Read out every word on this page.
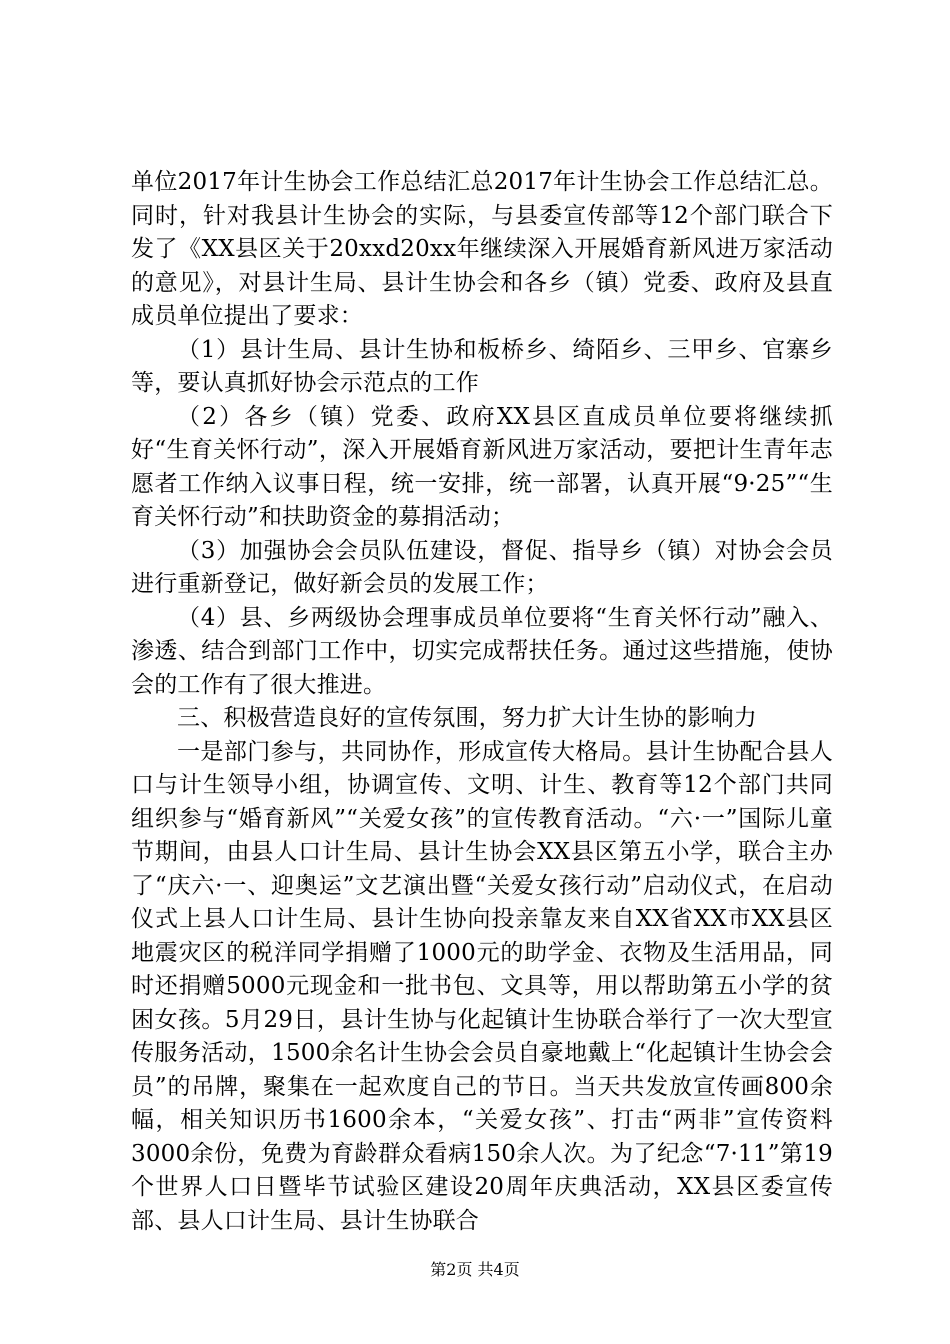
单位2017年计生协会工作总结汇总2017年计生协会工作总结汇总。同时，针对我县计生协会的实际，与县委宣传部等12个部门联合下发了《XX县区关于20xxd20xx年继续深入开展婚育新风进万家活动的意见》，对县计生局、县计生协会和各乡（镇）党委、政府及县直成员单位提出了要求：

（1）县计生局、县计生协和板桥乡、绮陌乡、三甲乡、官寨乡等，要认真抓好协会示范点的工作

（2）各乡（镇）党委、政府XX县区直成员单位要将继续抓好“生育关怀行动”，深入开展婚育新风进万家活动，要把计生青年志愿者工作纳入议事日程，统一安排，统一部署，认真开展“9·25”“生育关怀行动”和扶助资金的募捐活动；

（3）加强协会会员队伍建设，督促、指导乡（镇）对协会会员进行重新登记，做好新会员的发展工作；

（4）县、乡两级协会理事成员单位要将“生育关怀行动”融入、渗透、结合到部门工作中，切实完成帮扶任务。通过这些措施，使协会的工作有了很大推进。

三、积极营造良好的宣传氛围，努力扩大计生协的影响力

一是部门参与，共同协作，形成宣传大格局。县计生协配合县人口与计生领导小组，协调宣传、文明、计生、教育等12个部门共同组织参与“婚育新风”“关爱女孩”的宣传教育活动。“六·一”国际儿童节期间，由县人口计生局、县计生协会XX县区第五小学，联合主办了“庆六·一、迎奥运”文艺演出暨“关爱女孩行动”启动仪式，在启动仪式上县人口计生局、县计生协向投亲靠友来自XX省XX市XX县区地震灾区的税洋同学捐赠了1000元的助学金、衣物及生活用品，同时还捐赠5000元现金和一批书包、文具等，用以帮助第五小学的贫困女孩。5月29日，县计生协与化起镇计生协联合举行了一次大型宣传服务活动，1500余名计生协会会员自豪地戴上“化起镇计生协会会员”的吊牌，聚集在一起欢度自己的节日。当天共发放宣传画800余幅，相关知识历书1600余本，“关爱女孩”、打击“两非”宣传资料3000余份，免费为育龄群众看病150余人次。为了纪念“7·11”第19个世界人口日暨毕节试验区建设20周年庆典活动，XX县区委宣传部、县人口计生局、县计生协联合

第2页 共4页
